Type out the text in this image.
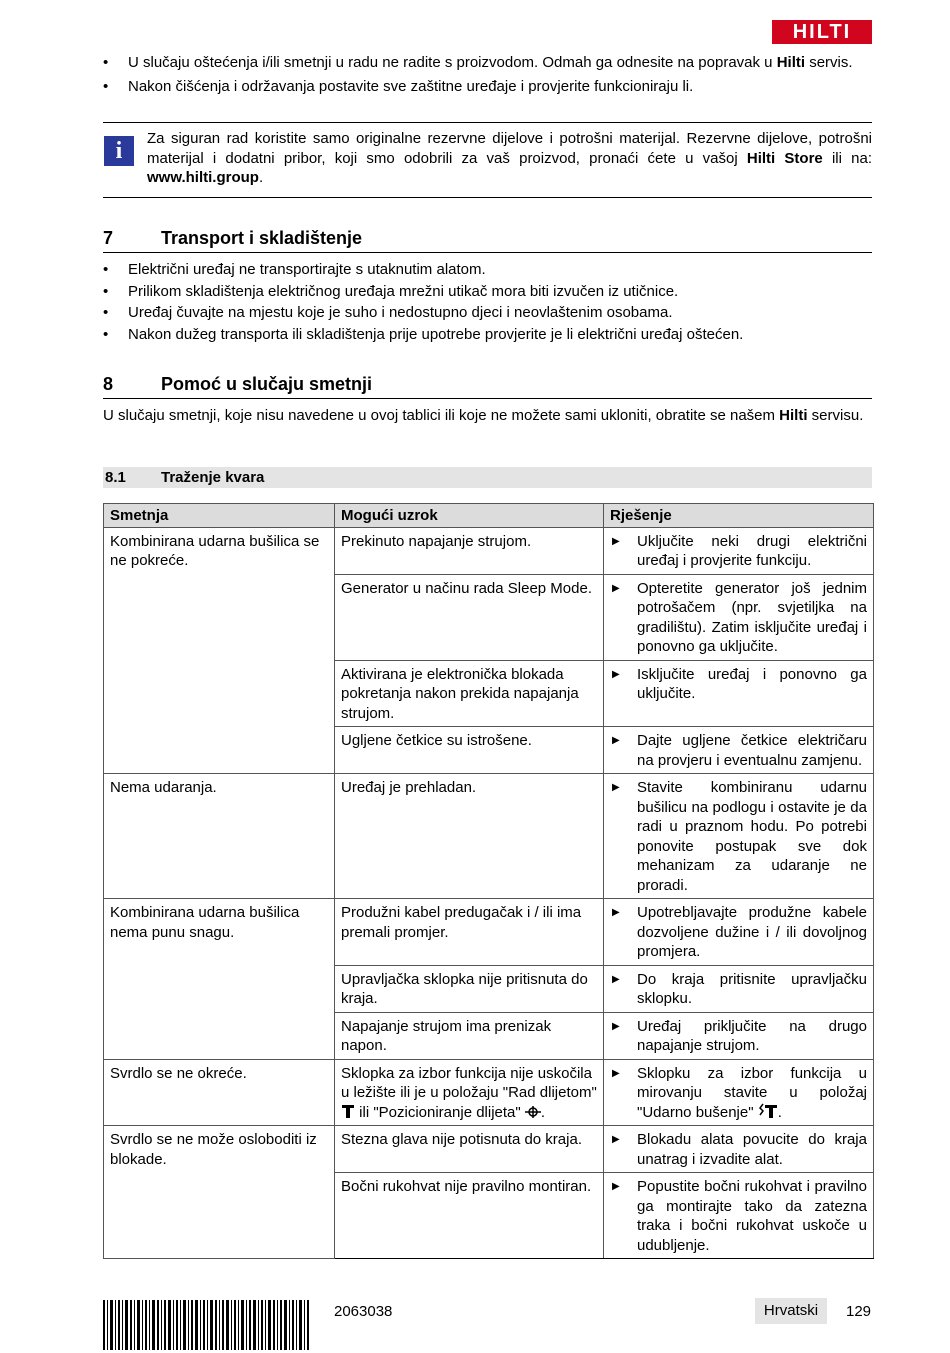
HILTI
• U slučaju oštećenja i/ili smetnji u radu ne radite s proizvodom. Odmah ga odnesite na popravak u Hilti servis.
• Nakon čišćenja i održavanja postavite sve zaštitne uređaje i provjerite funkcioniraju li.
i	Za siguran rad koristite samo originalne rezervne dijelove i potrošni materijal. Rezervne dijelove, potrošni materijal i dodatni pribor, koji smo odobrili za vaš proizvod, pronaći ćete u vašoj Hilti Store ili na: www.hilti.group.
7	Transport i skladištenje
• Električni uređaj ne transportirajte s utaknutim alatom.
• Prilikom skladištenja električnog uređaja mrežni utikač mora biti izvučen iz utičnice.
• Uređaj čuvajte na mjestu koje je suho i nedostupno djeci i neovlaštenim osobama.
• Nakon dužeg transporta ili skladištenja prije upotrebe provjerite je li električni uređaj oštećen.
8	Pomoć u slučaju smetnji
U slučaju smetnji, koje nisu navedene u ovoj tablici ili koje ne možete sami ukloniti, obratite se našem Hilti servisu.
8.1 Traženje kvara
Smetnja	Mogući uzrok	Rješenje
Kombinirana udarna bušilica se ne pokreće.	Prekinuto napajanje strujom.	▶ Uključite neki drugi električni uređaj i provjerite funkciju.

	Generator u načinu rada Sleep Mode.	▶ Opteretite generator još jednim potrošačem (npr. svjetiljka na gradilištu). Zatim isključite uređaj i ponovno ga uključite.

	Aktivirana je elektronička blokada pokretanja nakon prekida napajanja strujom.	▶ Isključite uređaj i ponovno ga uključite.

	Ugljene četkice su istrošene.	▶ Dajte ugljene četkice električaru na provjeru i eventualnu zamjenu.

Nema udaranja.	Uređaj je prehladan.	▶ Stavite kombiniranu udarnu bušilicu na podlogu i ostavite je da radi u praznom hodu. Po potrebi ponovite postupak sve dok mehanizam za udaranje ne proradi.

Kombinirana udarna bušilica nema punu snagu.	Produžni kabel predugačak i / ili ima premali promjer.	▶ Upotrebljavajte produžne kabele dozvoljene dužine i / ili dovoljnog promjera.

	Upravljačka sklopka nije pritisnuta do kraja.	▶ Do kraja pritisnite upravljačku sklopku.

	Napajanje strujom ima prenizak napon.	▶ Uređaj priključite na drugo napajanje strujom.

Svrdlo se ne okreće.	Sklopka za izbor funkcija nije uskočila u ležište ili je u položaju "Rad dlijetom"  ili "Pozicioniranje dlijeta" .	▶ Sklopku za izbor funkcija u mirovanju stavite u položaj "Udarno bušenje" .

Svrdlo se ne može osloboditi iz blokade.	Stezna glava nije potisnuta do kraja.	▶ Blokadu alata povucite do kraja unatrag i izvadite alat.

	Bočni rukohvat nije pravilno montiran.	▶ Popustite bočni rukohvat i pravilno ga montirajte tako da zatezna traka i bočni rukohvat uskoče u udubljenje.
2063038	Hrvatski	129
